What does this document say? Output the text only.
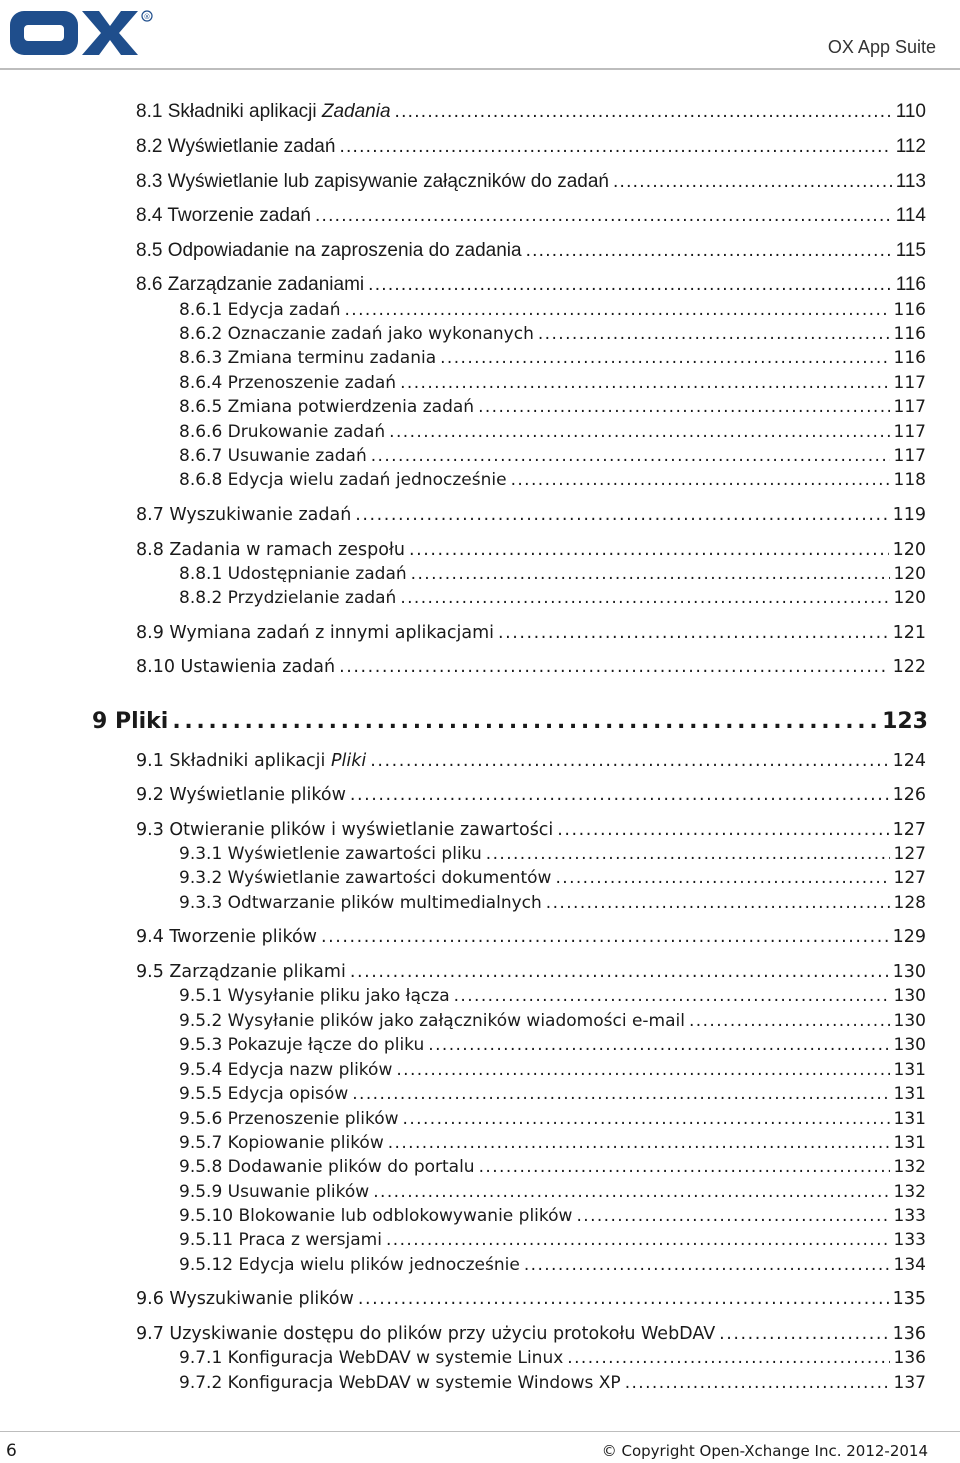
®
OX App Suite
8.1 Składniki aplikacji Zadania . . .	110
8.2 Wyświetlanie zadań . . .	112
8.3 Wyświetlanie lub zapisywanie załączników do zadań . . .	113
8.4 Tworzenie zadań . . .	114
8.5 Odpowiadanie na zaproszenia do zadania . . .	115
8.6 Zarządzanie zadaniami . . .	116
8.6.1 Edycja zadań . . .	116
8.6.2 Oznaczanie zadań jako wykonanych . . .	116
8.6.3 Zmiana terminu zadania . . .	116
8.6.4 Przenoszenie zadań . . .	117
8.6.5 Zmiana potwierdzenia zadań . . .	117
8.6.6 Drukowanie zadań . . .	117
8.6.7 Usuwanie zadań . . .	117
8.6.8 Edycja wielu zadań jednocześnie . . .	118
8.7 Wyszukiwanie zadań . . .	119
8.8 Zadania w ramach zespołu . . .	120
8.8.1 Udostępnianie zadań . . .	120
8.8.2 Przydzielanie zadań . . .	120
8.9 Wymiana zadań z innymi aplikacjami . . .	121
8.10 Ustawienia zadań . . .	122
9 Pliki . . .	123
9.1 Składniki aplikacji Pliki . . .	124
9.2 Wyświetlanie plików . . .	126
9.3 Otwieranie plików i wyświetlanie zawartości . . .	127
9.3.1 Wyświetlenie zawartości pliku . . .	127
9.3.2 Wyświetlanie zawartości dokumentów . . .	127
9.3.3 Odtwarzanie plików multimedialnych . . .	128
9.4 Tworzenie plików . . .	129
9.5 Zarządzanie plikami . . .	130
9.5.1 Wysyłanie pliku jako łącza . . .	130
9.5.2 Wysyłanie plików jako załączników wiadomości e-mail . . .	130
9.5.3 Pokazuje łącze do pliku . . .	130
9.5.4 Edycja nazw plików . . .	131
9.5.5 Edycja opisów . . .	131
9.5.6 Przenoszenie plików . . .	131
9.5.7 Kopiowanie plików . . .	131
9.5.8 Dodawanie plików do portalu . . .	132
9.5.9 Usuwanie plików . . .	132
9.5.10 Blokowanie lub odblokowywanie plików . . .	133
9.5.11 Praca z wersjami . . .	133
9.5.12 Edycja wielu plików jednocześnie . . .	134
9.6 Wyszukiwanie plików . . .	135
9.7 Uzyskiwanie dostępu do plików przy użyciu protokołu WebDAV . . .	136
9.7.1 Konfiguracja WebDAV w systemie Linux . . .	136
9.7.2 Konfiguracja WebDAV w systemie Windows XP . . .	137
6	© Copyright Open-Xchange Inc. 2012-2014
